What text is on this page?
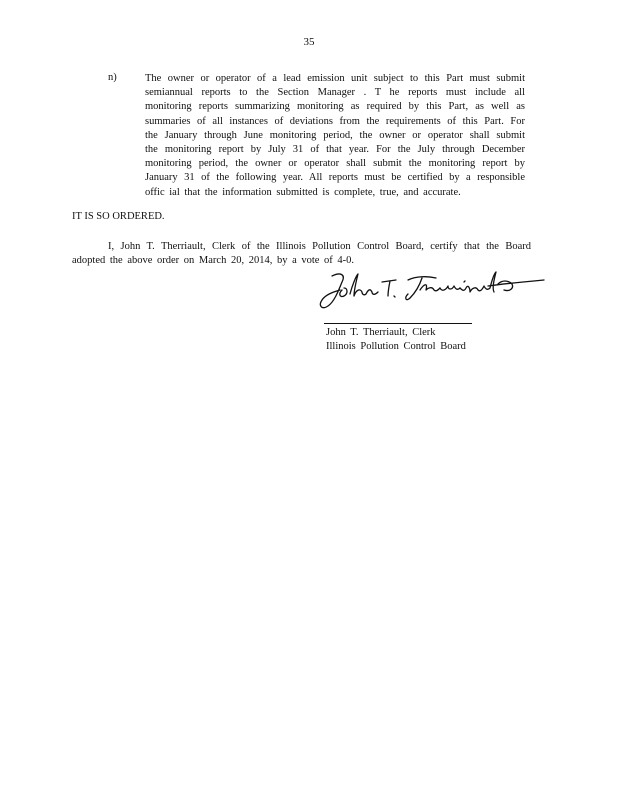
35
n)	The owner or operator of a lead emission unit subject to this Part must submit
semiannual reports to the Section Manager . T he reports must include all
monitoring reports summarizing monitoring as required by this Part, as well as
summaries of all instances of deviations from the requirements of this Part. For
the January through June monitoring period, the owner or operator shall submit
the monitoring report by July 31 of that year. For the July through December
monitoring period, the owner or operator shall submit the monitoring report by
January 31 of the following year. All reports must be certified by a responsible
offic ial that the information submitted is complete, true, and accurate.
IT IS SO ORDERED.
I, John T. Therriault, Clerk of the Illinois Pollution Control Board, certify that the Board
adopted the above order on March 20, 2014, by a vote of 4-0.
John T. Therriault, Clerk
Illinois Pollution Control Board
